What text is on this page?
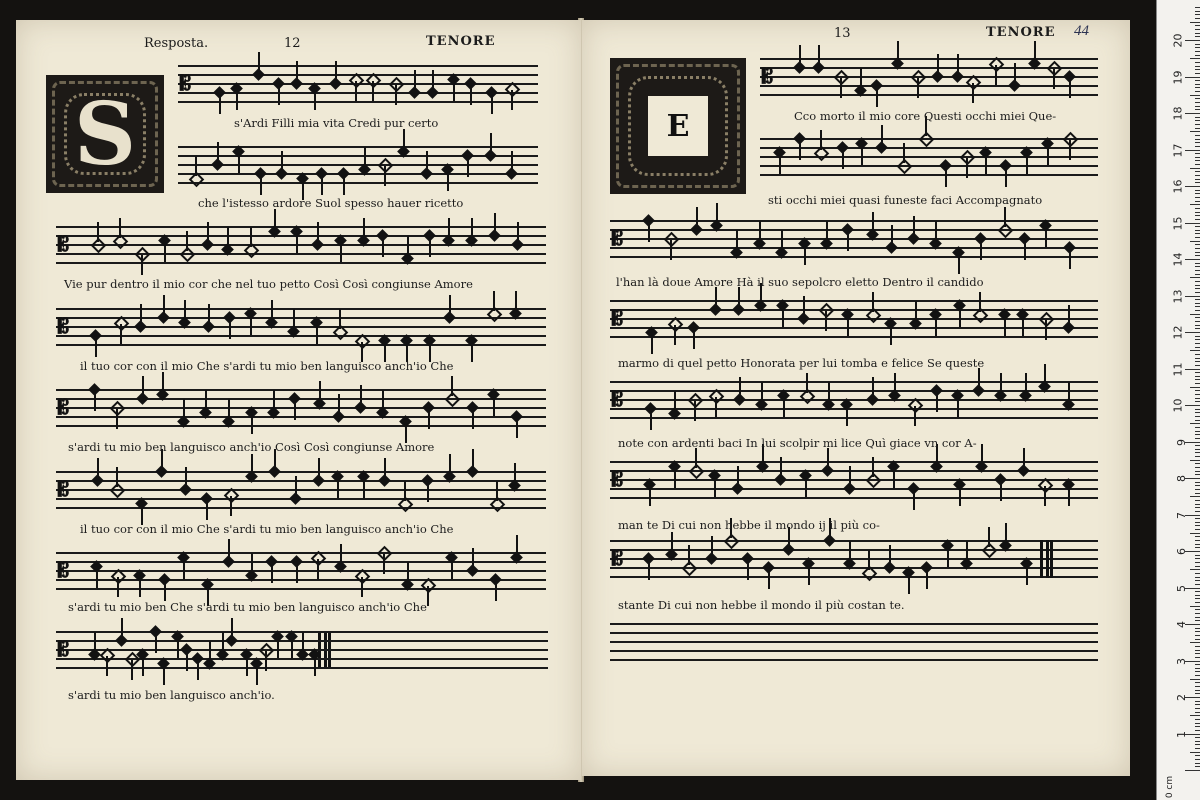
Resposta.	12	TENORE
S
𝄡
𝄡
𝄡
𝄡
𝄡
𝄡
𝄡
s'Ardi Filli mia vita Credi pur certo
che l'istesso ardore Suol spesso hauer ricetto
Vie pur dentro il mio cor che nel tuo petto Così Così congiunse Amore
il tuo cor con il mio Che s'ardi tu mio ben languisco anch'io Che
s'ardi tu mio ben languisco anch'io Così Così congiunse Amore
il tuo cor con il mio Che s'ardi tu mio ben languisco anch'io Che
s'ardi tu mio ben Che s'ardi tu mio ben languisco anch'io Che
s'ardi tu mio ben languisco anch'io.
13	TENORE 44
E
𝄡
𝄡
𝄡
𝄡
𝄡
𝄡
Cco morto il mio core Questi occhi miei Que-
sti occhi miei quasi funeste faci Accompagnato
l'han là doue Amore Hà il suo sepolcro eletto Dentro il candido
marmo di quel petto Honorata per lui tomba e felice Se queste
note con ardenti baci In lui scolpir mi lice Quì giace vn cor A-
man te Di cui non hebbe il mondo ij il più co-
stante Di cui non hebbe il mondo il più costan te.
0 cm
1
2
3
4
5
6
7
8
9
10
11
12
13
14
15
16
17
18
19
20
